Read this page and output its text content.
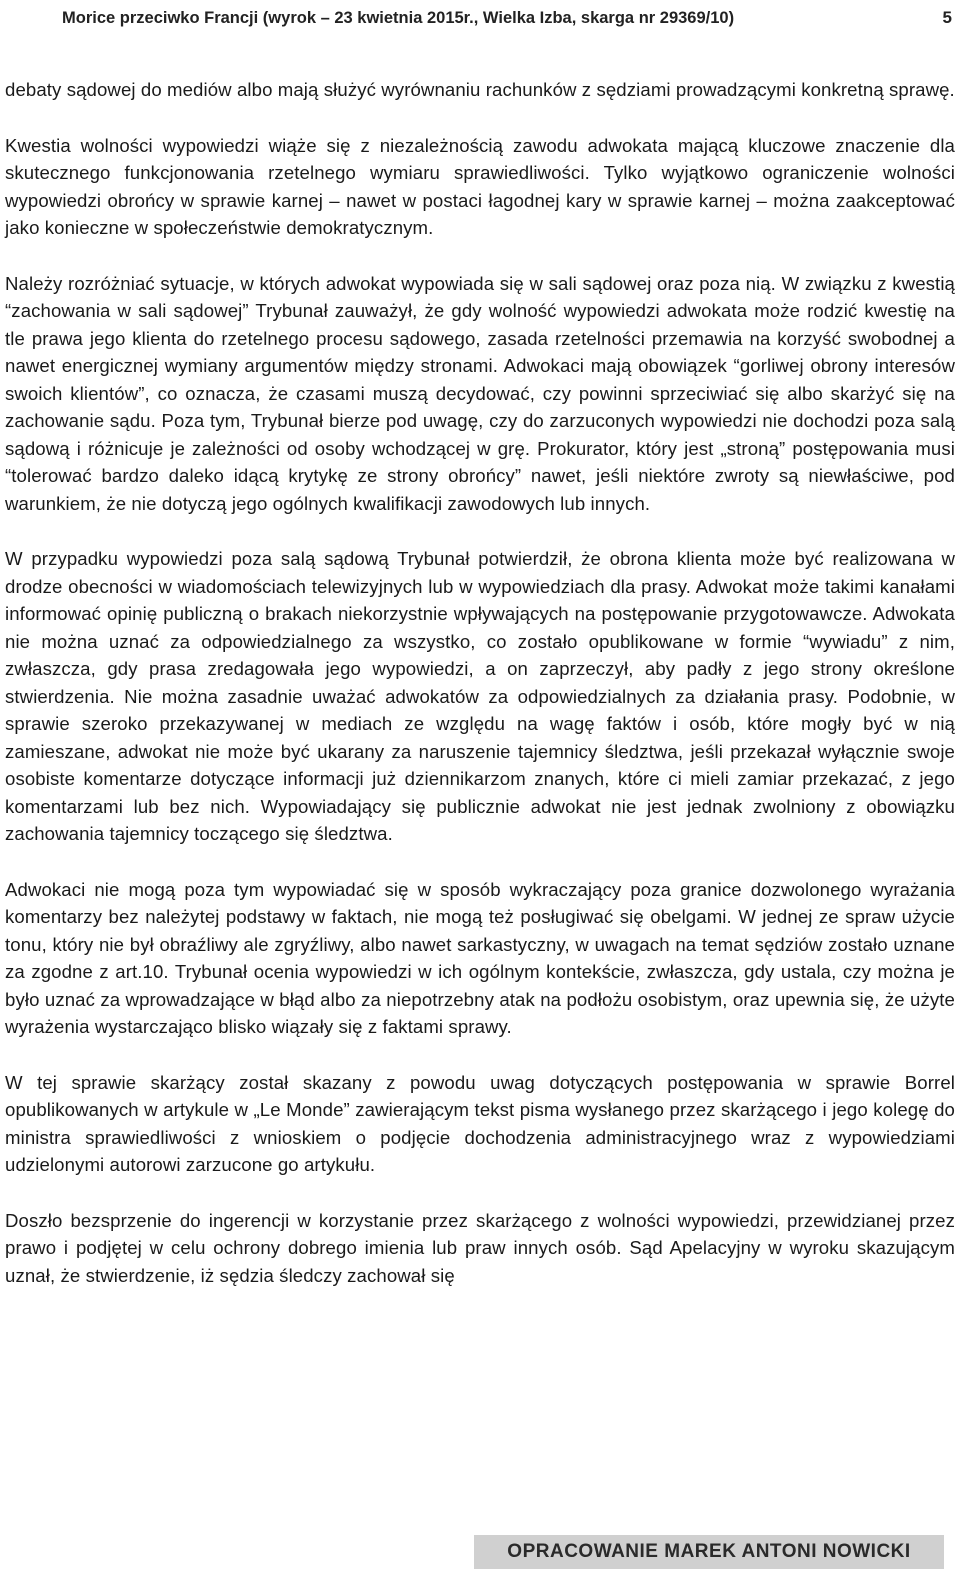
Morice przeciwko Francji (wyrok – 23 kwietnia 2015r., Wielka Izba, skarga nr 29369/10)	5

debaty sądowej do mediów albo mają służyć wyrównaniu rachunków z sędziami prowadzącymi konkretną sprawę.

Kwestia wolności wypowiedzi wiąże się z niezależnością zawodu adwokata mającą kluczowe znaczenie dla skutecznego funkcjonowania rzetelnego wymiaru sprawiedliwości. Tylko wyjątkowo ograniczenie wolności wypowiedzi obrońcy w sprawie karnej – nawet w postaci łagodnej kary w sprawie karnej – można zaakceptować jako konieczne w społeczeństwie demokratycznym.

Należy rozróżniać sytuacje, w których adwokat wypowiada się w sali sądowej oraz poza nią. W związku z kwestią “zachowania w sali sądowej” Trybunał zauważył, że gdy wolność wypowiedzi adwokata może rodzić kwestię na tle prawa jego klienta do rzetelnego procesu sądowego, zasada rzetelności przemawia na korzyść swobodnej a nawet energicznej wymiany argumentów między stronami. Adwokaci mają obowiązek “gorliwej obrony interesów swoich klientów”, co oznacza, że czasami muszą decydować, czy powinni sprzeciwiać się albo skarżyć się na zachowanie sądu. Poza tym, Trybunał bierze pod uwagę, czy do zarzuconych wypowiedzi nie dochodzi poza salą sądową i różnicuje je zależności od osoby wchodzącej w grę. Prokurator, który jest „stroną” postępowania musi “tolerować bardzo daleko idącą krytykę ze strony obrońcy” nawet, jeśli niektóre zwroty są niewłaściwe, pod warunkiem, że nie dotyczą jego ogólnych kwalifikacji zawodowych lub innych.

W przypadku wypowiedzi poza salą sądową Trybunał potwierdził, że obrona klienta może być realizowana w drodze obecności w wiadomościach telewizyjnych lub w wypowiedziach dla prasy. Adwokat może takimi kanałami informować opinię publiczną o brakach niekorzystnie wpływających na postępowanie przygotowawcze. Adwokata nie można uznać za odpowiedzialnego za wszystko, co zostało opublikowane w formie “wywiadu” z nim, zwłaszcza, gdy prasa zredagowała jego wypowiedzi, a on zaprzeczył, aby padły z jego strony określone stwierdzenia. Nie można zasadnie uważać adwokatów za odpowiedzialnych za działania prasy. Podobnie, w sprawie szeroko przekazywanej w mediach ze względu na wagę faktów i osób, które mogły być w nią zamieszane, adwokat nie może być ukarany za naruszenie tajemnicy śledztwa, jeśli przekazał wyłącznie swoje osobiste komentarze dotyczące informacji już dziennikarzom znanych, które ci mieli zamiar przekazać, z jego komentarzami lub bez nich. Wypowiadający się publicznie adwokat nie jest jednak zwolniony z obowiązku zachowania tajemnicy toczącego się śledztwa.

Adwokaci nie mogą poza tym wypowiadać się w sposób wykraczający poza granice dozwolonego wyrażania komentarzy bez należytej podstawy w faktach, nie mogą też posługiwać się obelgami. W jednej ze spraw użycie tonu, który nie był obraźliwy ale zgryźliwy, albo nawet sarkastyczny, w uwagach na temat sędziów zostało uznane za zgodne z art.10. Trybunał ocenia wypowiedzi w ich ogólnym kontekście, zwłaszcza, gdy ustala, czy można je było uznać za wprowadzające w błąd albo za niepotrzebny atak na podłożu osobistym, oraz upewnia się, że użyte wyrażenia wystarczająco blisko wiązały się z faktami sprawy.

W tej sprawie skarżący został skazany z powodu uwag dotyczących postępowania w sprawie Borrel opublikowanych w artykule w „Le Monde” zawierającym tekst pisma wysłanego przez skarżącego i jego kolegę do ministra sprawiedliwości z wnioskiem o podjęcie dochodzenia administracyjnego wraz z wypowiedziami udzielonymi autorowi zarzucone go artykułu.

Doszło bezsprzenie do ingerencji w korzystanie przez skarżącego z wolności wypowiedzi, przewidzianej przez prawo i podjętej w celu ochrony dobrego imienia lub praw innych osób. Sąd Apelacyjny w wyroku skazującym uznał, że stwierdzenie, iż sędzia śledczy zachował się

OPRACOWANIE MAREK ANTONI NOWICKI
